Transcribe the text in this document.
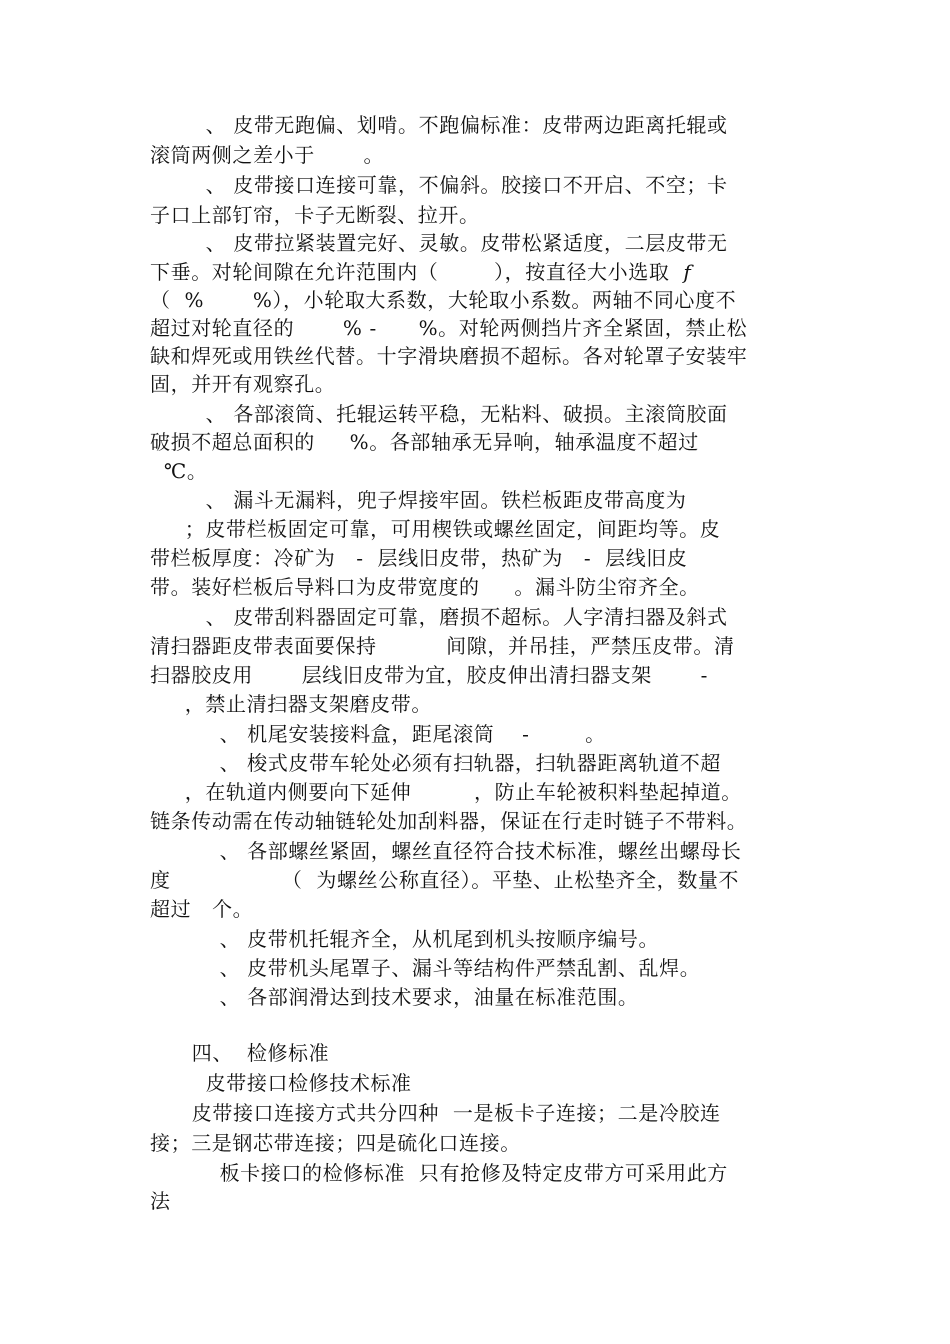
、 皮带无跑偏、划啃。不跑偏标准：皮带两边距离托辊或
滚筒两侧之差小于       。
、 皮带接口连接可靠，不偏斜。胶接口不开启、不空；卡
子口上部钉帘，卡子无断裂、拉开。
、 皮带拉紧装置完好、灵敏。皮带松紧适度，二层皮带无
下垂。对轮间隙在允许范围内（        ），按直径大小选取  𝑓
（  %       %），小轮取大系数，大轮取小系数。两轴不同心度不
超过对轮直径的       % -      %。对轮两侧挡片齐全紧固，禁止松
缺和焊死或用铁丝代替。十字滑块磨损不超标。各对轮罩子安装牢
固，并开有观察孔。
、 各部滚筒、托辊运转平稳，无粘料、破损。主滚筒胶面
破损不超总面积的     %。各部轴承无异响，轴承温度不超过
℃。
、 漏斗无漏料，兜子焊接牢固。铁栏板距皮带高度为
；皮带栏板固定可靠，可用楔铁或螺丝固定，间距均等。皮
带栏板厚度：冷矿为   -  层线旧皮带，热矿为   -  层线旧皮
带。装好栏板后导料口为皮带宽度的     。漏斗防尘帘齐全。
、 皮带刮料器固定可靠，磨损不超标。人字清扫器及斜式
清扫器距皮带表面要保持          间隙，并吊挂，严禁压皮带。清
扫器胶皮用       层线旧皮带为宜，胶皮伸出清扫器支架       -
，禁止清扫器支架磨皮带。
、 机尾安装接料盒，距尾滚筒    -        。
、 梭式皮带车轮处必须有扫轨器，扫轨器距离轨道不超
，在轨道内侧要向下延伸         ，防止车轮被积料垫起掉道。
链条传动需在传动轴链轮处加刮料器，保证在行走时链子不带料。
、 各部螺丝紧固，螺丝直径符合技术标准，螺丝出螺母长
度                （  为螺丝公称直径）。平垫、止松垫齐全，数量不
超过   个。
、 皮带机托辊齐全，从机尾到机头按顺序编号。
、 皮带机头尾罩子、漏斗等结构件严禁乱割、乱焊。
、 各部润滑达到技术要求，油量在标准范围。
四、  检修标准
皮带接口检修技术标准
皮带接口连接方式共分四种  一是板卡子连接；二是冷胶连
接；三是钢芯带连接；四是硫化口连接。
板卡接口的检修标准  只有抢修及特定皮带方可采用此方
法
